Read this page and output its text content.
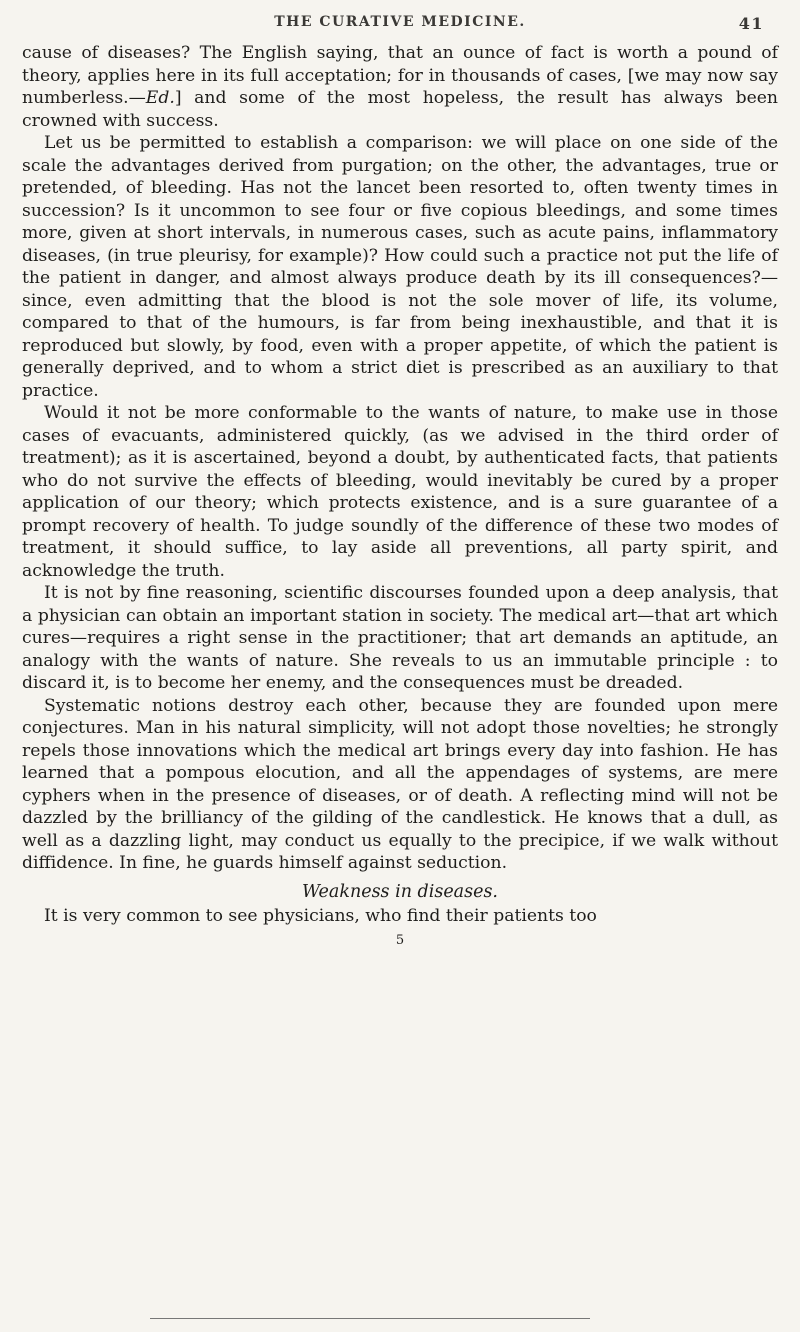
THE CURATIVE MEDICINE.	41

cause of diseases? The English saying, that an ounce of fact is worth a pound of theory, applies here in its full acceptation; for in thousands of cases, [we may now say numberless.—Ed.] and some of the most hopeless, the result has always been crowned with success.

Let us be permitted to establish a comparison: we will place on one side of the scale the advantages derived from purgation; on the other, the advantages, true or pretended, of bleeding. Has not the lancet been resorted to, often twenty times in succession? Is it uncommon to see four or five copious bleedings, and some times more, given at short intervals, in numerous cases, such as acute pains, inflammatory diseases, (in true pleurisy, for example)? How could such a practice not put the life of the patient in danger, and almost always produce death by its ill consequences?—since, even admitting that the blood is not the sole mover of life, its volume, compared to that of the humours, is far from being inexhaustible, and that it is reproduced but slowly, by food, even with a proper appetite, of which the patient is generally deprived, and to whom a strict diet is prescribed as an auxiliary to that practice.

Would it not be more conformable to the wants of nature, to make use in those cases of evacuants, administered quickly, (as we advised in the third order of treatment); as it is ascertained, beyond a doubt, by authenticated facts, that patients who do not survive the effects of bleeding, would inevitably be cured by a proper application of our theory; which protects existence, and is a sure guarantee of a prompt recovery of health. To judge soundly of the difference of these two modes of treatment, it should suffice, to lay aside all preventions, all party spirit, and acknowledge the truth.

It is not by fine reasoning, scientific discourses founded upon a deep analysis, that a physician can obtain an important station in society. The medical art—that art which cures—requires a right sense in the practitioner; that art demands an aptitude, an analogy with the wants of nature. She reveals to us an immutable principle : to discard it, is to become her enemy, and the consequences must be dreaded.

Systematic notions destroy each other, because they are founded upon mere conjectures. Man in his natural simplicity, will not adopt those novelties; he strongly repels those innovations which the medical art brings every day into fashion. He has learned that a pompous elocution, and all the appendages of systems, are mere cyphers when in the presence of diseases, or of death. A reflecting mind will not be dazzled by the brilliancy of the gilding of the candlestick. He knows that a dull, as well as a dazzling light, may conduct us equally to the precipice, if we walk without diffidence. In fine, he guards himself against seduction.

Weakness in diseases.

It is very common to see physicians, who find their patients too

5
